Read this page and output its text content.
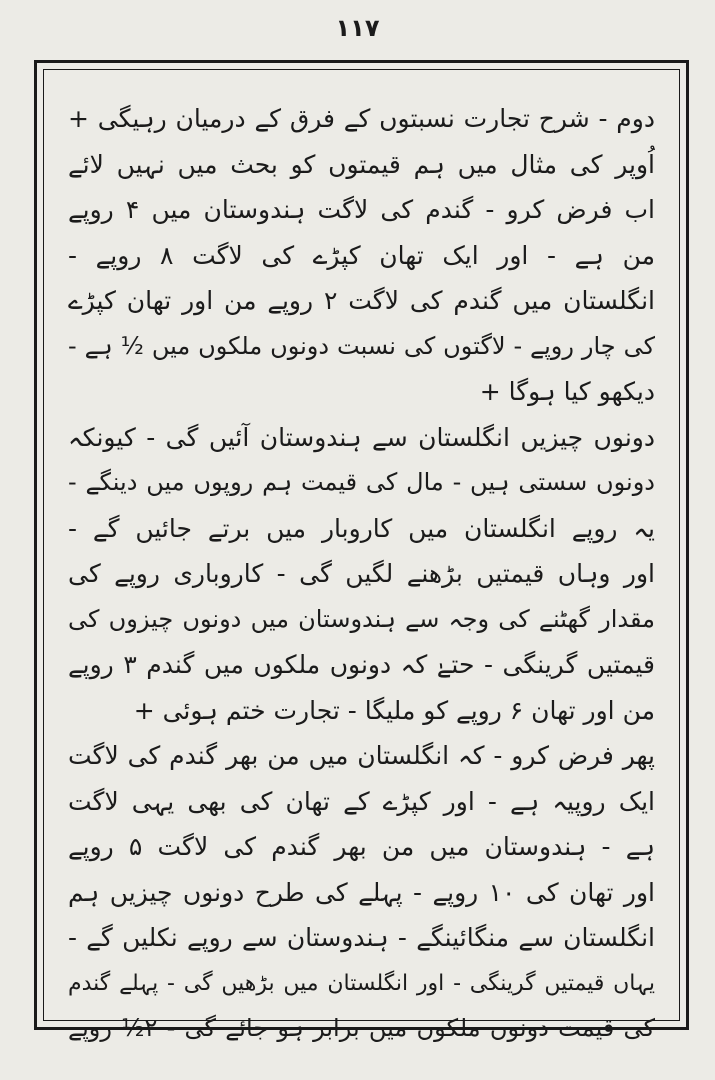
۱۱۷
دوم - شرح تجارت نسبتوں کے فرق کے درمیان رہیگی +
اُوپر کی مثال میں ہم قیمتوں کو بحث میں نہیں لائے
اب فرض کرو - گندم کی لاگت ہندوستان میں ۴ روپے
من ہے - اور ایک تھان کپڑے کی لاگت ۸ روپے -
انگلستان میں گندم کی لاگت ۲ روپے من اور تھان کپڑے
کی چار روپے - لاگتوں کی نسبت دونوں ملکوں میں ½ ہے -
دیکھو کیا ہوگا +
دونوں چیزیں انگلستان سے ہندوستان آئیں گی - کیونکہ
دونوں سستی ہیں - مال کی قیمت ہم روپوں میں دینگے -
یہ روپے انگلستان میں کاروبار میں برتے جائیں گے -
اور وہاں قیمتیں بڑھنے لگیں گی - کاروباری روپے کی
مقدار گھٹنے کی وجہ سے ہندوستان میں دونوں چیزوں کی
قیمتیں گرینگی - حتےٰ کہ دونوں ملکوں میں گندم ۳ روپے
من اور تھان ۶ روپے کو ملیگا - تجارت ختم ہوئی +
پھر فرض کرو - کہ انگلستان میں من بھر گندم کی لاگت
ایک روپیہ ہے - اور کپڑے کے تھان کی بھی یہی لاگت
ہے - ہندوستان میں من بھر گندم کی لاگت ۵ روپے
اور تھان کی ۱۰ روپے - پہلے کی طرح دونوں چیزیں ہم
انگلستان سے منگائینگے - ہندوستان سے روپے نکلیں گے -
یہاں قیمتیں گرینگی - اور انگلستان میں بڑھیں گی - پہلے گندم
کی قیمت دونوں ملکوں میں برابر ہو جائے گی - ۲½ روپے
